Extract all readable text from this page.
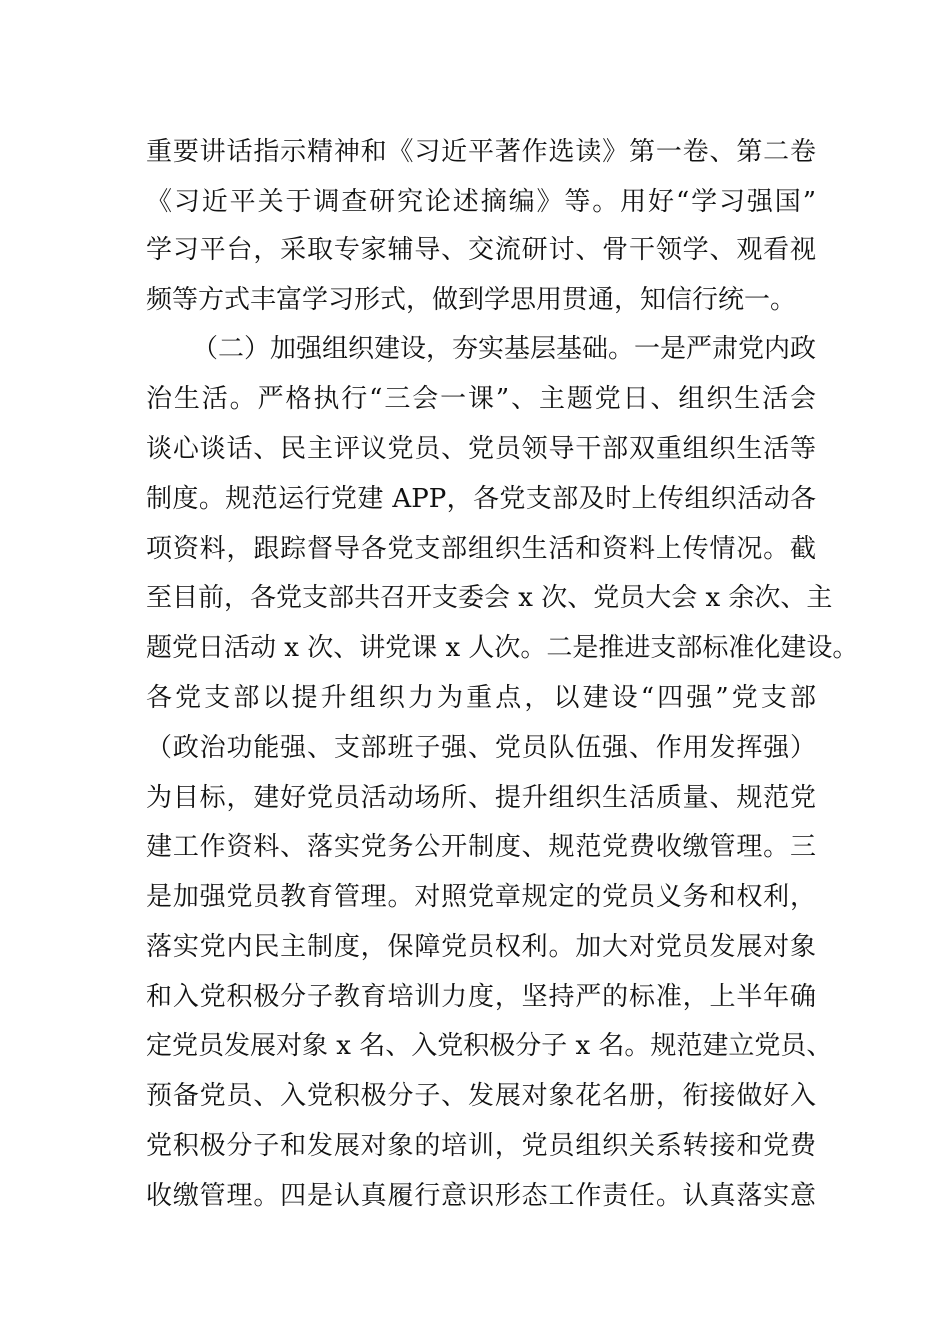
重要讲话指示精神和《习近平著作选读》第一卷、第二卷
《习近平关于调查研究论述摘编》等。用好“学习强国”
学习平台，采取专家辅导、交流研讨、骨干领学、观看视
频等方式丰富学习形式，做到学思用贯通，知信行统一。
（二）加强组织建设，夯实基层基础。一是严肃党内政
治生活。严格执行“三会一课”、主题党日、组织生活会
谈心谈话、民主评议党员、党员领导干部双重组织生活等
制度。规范运行党建 APP，各党支部及时上传组织活动各
项资料，跟踪督导各党支部组织生活和资料上传情况。截
至目前，各党支部共召开支委会 x 次、党员大会 x 余次、主
题党日活动 x 次、讲党课 x 人次。二是推进支部标准化建设。
各党支部以提升组织力为重点，以建设“四强”党支部
（政治功能强、支部班子强、党员队伍强、作用发挥强）
为目标，建好党员活动场所、提升组织生活质量、规范党
建工作资料、落实党务公开制度、规范党费收缴管理。三
是加强党员教育管理。对照党章规定的党员义务和权利，
落实党内民主制度，保障党员权利。加大对党员发展对象
和入党积极分子教育培训力度，坚持严的标准，上半年确
定党员发展对象 x 名、入党积极分子 x 名。规范建立党员、
预备党员、入党积极分子、发展对象花名册，衔接做好入
党积极分子和发展对象的培训，党员组织关系转接和党费
收缴管理。四是认真履行意识形态工作责任。认真落实意
